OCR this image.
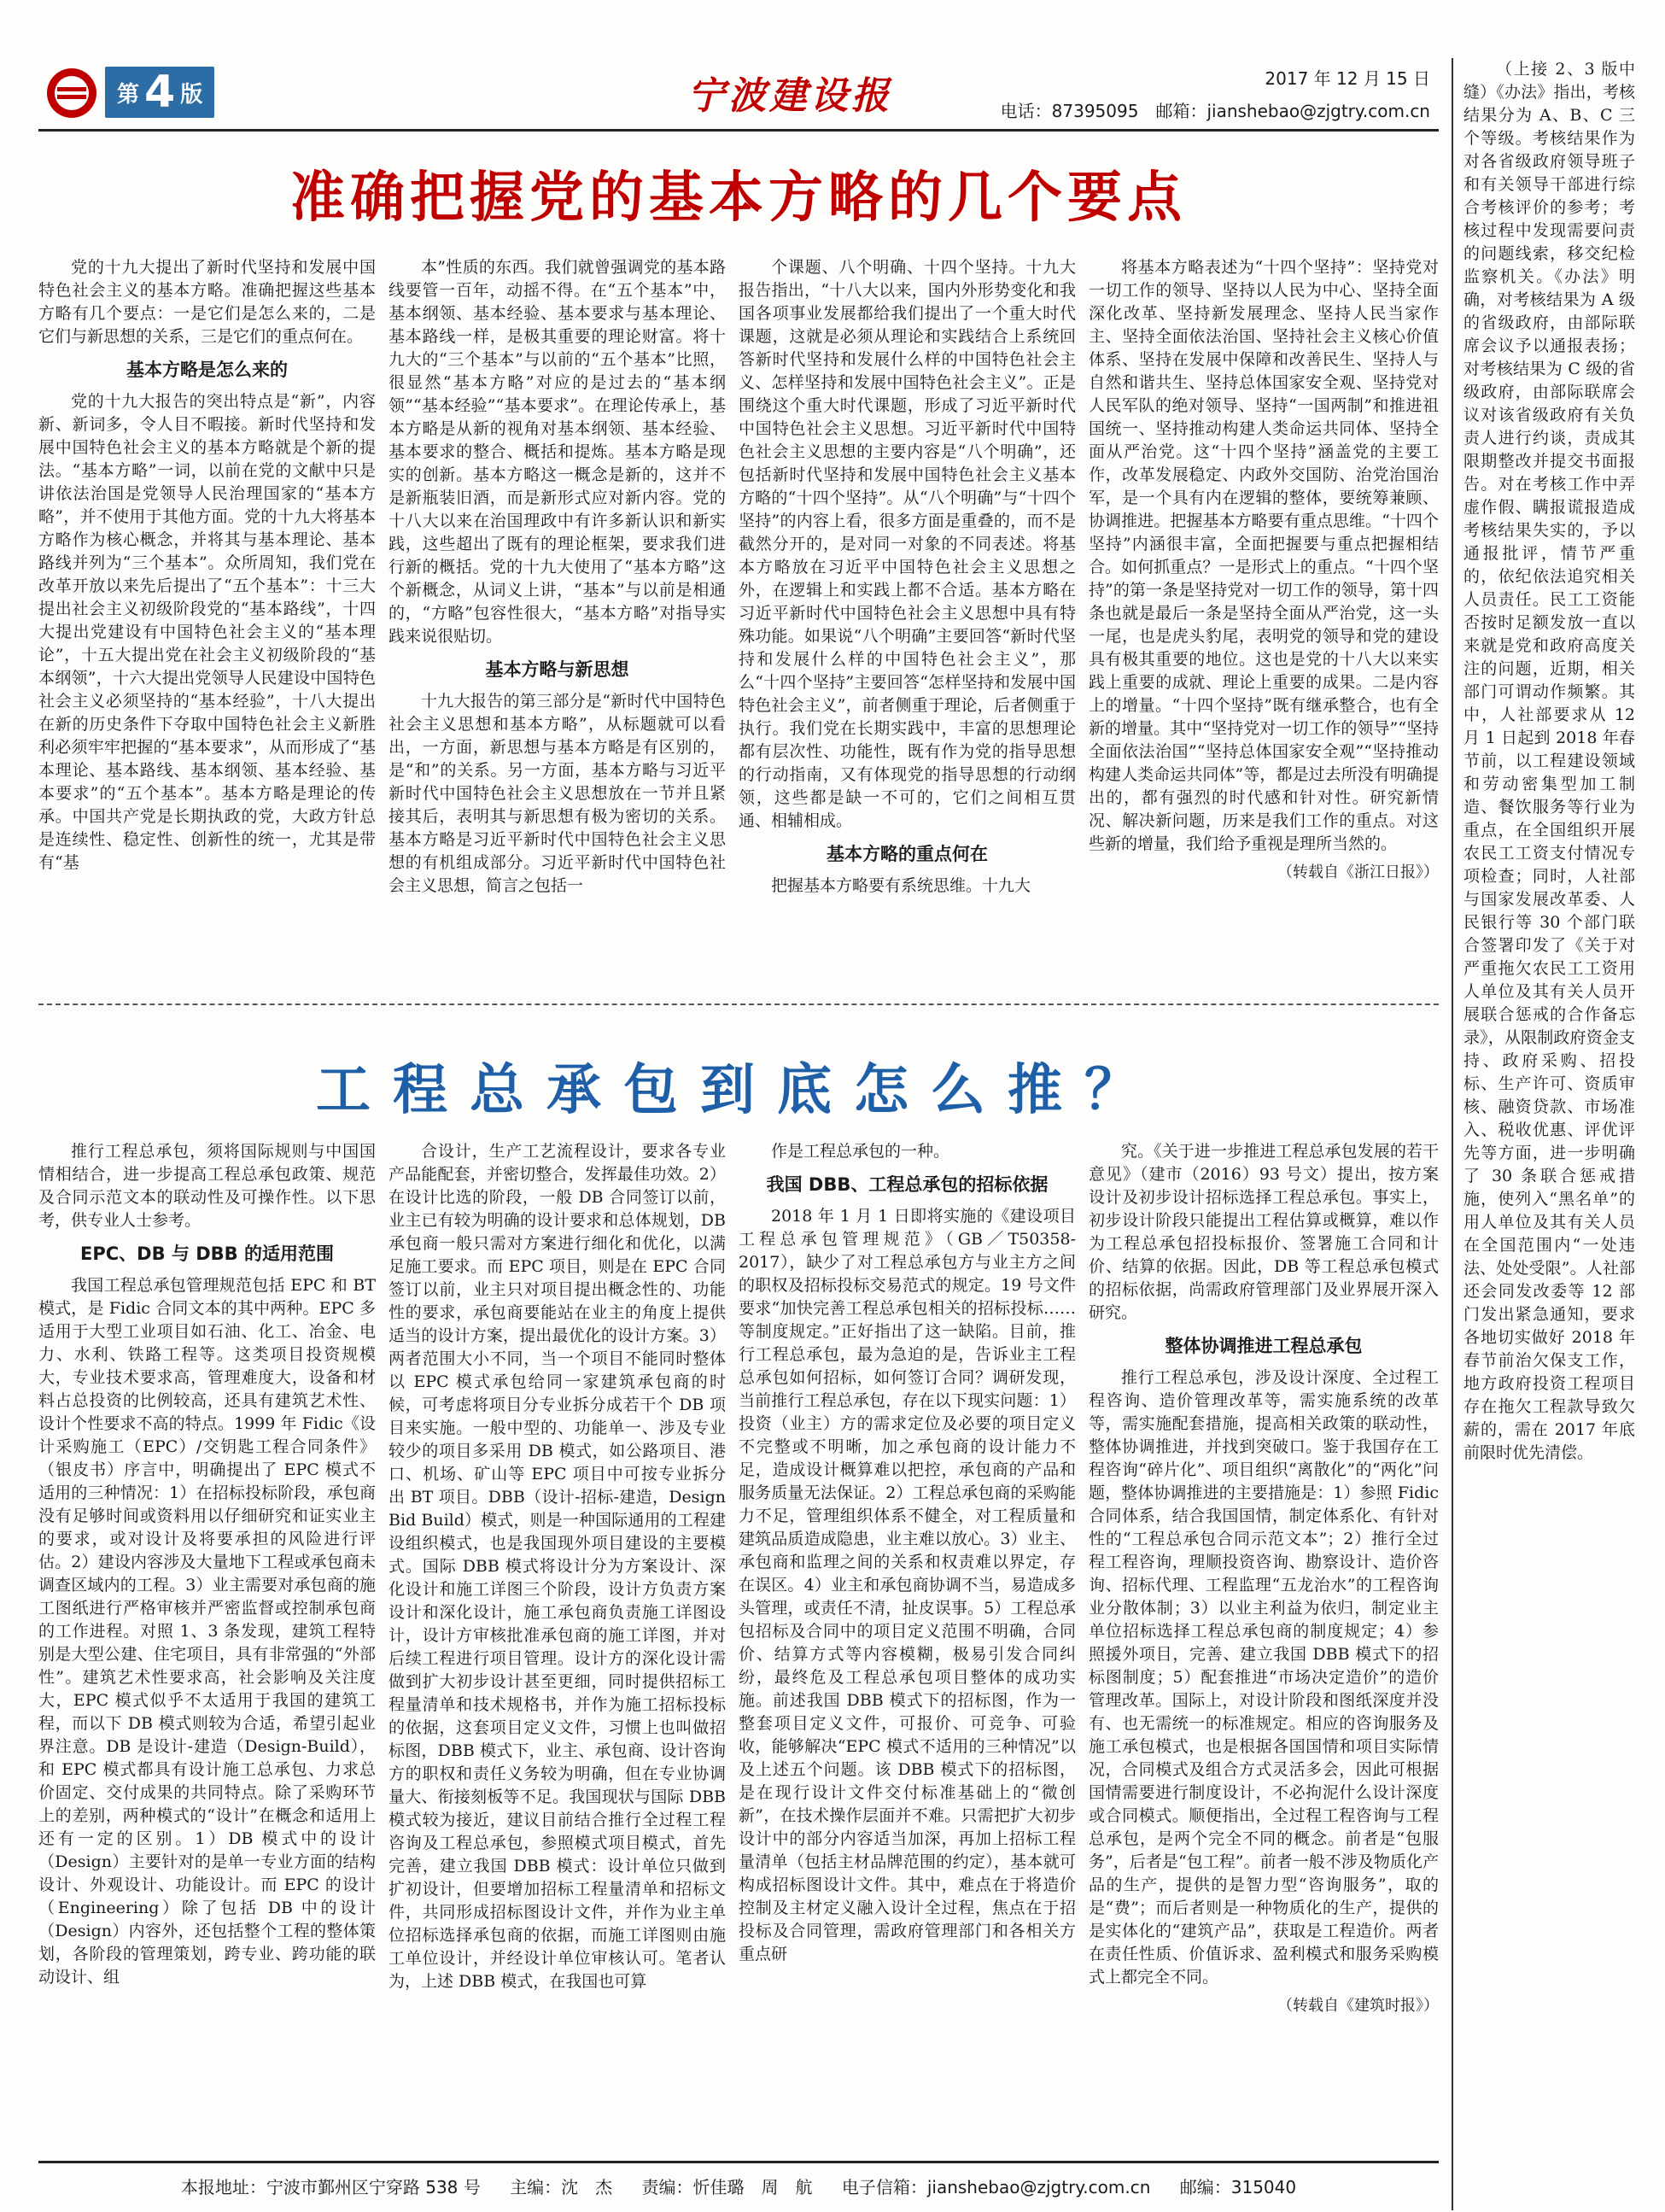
第 4 版	宁波建设报	2017 年 12 月 15 日
电话：87395095　邮箱：jianshebao@zjgtry.com.cn
准确把握党的基本方略的几个要点

党的十九大提出了新时代坚持和发展中国特色社会主义的基本方略。准确把握这些基本方略有几个要点：一是它们是怎么来的，二是它们与新思想的关系，三是它们的重点何在。

基本方略是怎么来的

党的十九大报告的突出特点是“新”，内容新、新词多，令人目不暇接。新时代坚持和发展中国特色社会主义的基本方略就是个新的提法。“基本方略”一词，以前在党的文献中只是讲依法治国是党领导人民治理国家的“基本方略”，并不使用于其他方面。党的十九大将基本方略作为核心概念，并将其与基本理论、基本路线并列为“三个基本”。众所周知，我们党在改革开放以来先后提出了“五个基本”：十三大提出社会主义初级阶段党的“基本路线”，十四大提出党建设有中国特色社会主义的“基本理论”，十五大提出党在社会主义初级阶段的“基本纲领”，十六大提出党领导人民建设中国特色社会主义必须坚持的“基本经验”，十八大提出在新的历史条件下夺取中国特色社会主义新胜利必须牢牢把握的“基本要求”，从而形成了“基本理论、基本路线、基本纲领、基本经验、基本要求”的“五个基本”。基本方略是理论的传承。中国共产党是长期执政的党，大政方针总是连续性、稳定性、创新性的统一，尤其是带有“基

本”性质的东西。我们就曾强调党的基本路线要管一百年，动摇不得。在“五个基本”中，基本纲领、基本经验、基本要求与基本理论、基本路线一样，是极其重要的理论财富。将十九大的“三个基本”与以前的“五个基本”比照，很显然“基本方略”对应的是过去的“基本纲领”“基本经验”“基本要求”。在理论传承上，基本方略是从新的视角对基本纲领、基本经验、基本要求的整合、概括和提炼。基本方略是现实的创新。基本方略这一概念是新的，这并不是新瓶装旧酒，而是新形式应对新内容。党的十八大以来在治国理政中有许多新认识和新实践，这些超出了既有的理论框架，要求我们进行新的概括。党的十九大使用了“基本方略”这个新概念，从词义上讲，“基本”与以前是相通的，“方略”包容性很大，“基本方略”对指导实践来说很贴切。

基本方略与新思想

十九大报告的第三部分是“新时代中国特色社会主义思想和基本方略”，从标题就可以看出，一方面，新思想与基本方略是有区别的，是“和”的关系。另一方面，基本方略与习近平新时代中国特色社会主义思想放在一节并且紧接其后，表明其与新思想有极为密切的关系。基本方略是习近平新时代中国特色社会主义思想的有机组成部分。习近平新时代中国特色社会主义思想，简言之包括一

个课题、八个明确、十四个坚持。十九大报告指出，“十八大以来，国内外形势变化和我国各项事业发展都给我们提出了一个重大时代课题，这就是必须从理论和实践结合上系统回答新时代坚持和发展什么样的中国特色社会主义、怎样坚持和发展中国特色社会主义”。正是围绕这个重大时代课题，形成了习近平新时代中国特色社会主义思想。习近平新时代中国特色社会主义思想的主要内容是“八个明确”，还包括新时代坚持和发展中国特色社会主义基本方略的“十四个坚持”。从“八个明确”与“十四个坚持”的内容上看，很多方面是重叠的，而不是截然分开的，是对同一对象的不同表述。将基本方略放在习近平中国特色社会主义思想之外，在逻辑上和实践上都不合适。基本方略在习近平新时代中国特色社会主义思想中具有特殊功能。如果说“八个明确”主要回答“新时代坚持和发展什么样的中国特色社会主义”，那么“十四个坚持”主要回答“怎样坚持和发展中国特色社会主义”，前者侧重于理论，后者侧重于执行。我们党在长期实践中，丰富的思想理论都有层次性、功能性，既有作为党的指导思想的行动指南，又有体现党的指导思想的行动纲领，这些都是缺一不可的，它们之间相互贯通、相辅相成。

基本方略的重点何在

把握基本方略要有系统思维。十九大

将基本方略表述为“十四个坚持”：坚持党对一切工作的领导、坚持以人民为中心、坚持全面深化改革、坚持新发展理念、坚持人民当家作主、坚持全面依法治国、坚持社会主义核心价值体系、坚持在发展中保障和改善民生、坚持人与自然和谐共生、坚持总体国家安全观、坚持党对人民军队的绝对领导、坚持“一国两制”和推进祖国统一、坚持推动构建人类命运共同体、坚持全面从严治党。这“十四个坚持”涵盖党的主要工作，改革发展稳定、内政外交国防、治党治国治军，是一个具有内在逻辑的整体，要统筹兼顾、协调推进。把握基本方略要有重点思维。“十四个坚持”内涵很丰富，全面把握要与重点把握相结合。如何抓重点？一是形式上的重点。“十四个坚持”的第一条是坚持党对一切工作的领导，第十四条也就是最后一条是坚持全面从严治党，这一头一尾，也是虎头豹尾，表明党的领导和党的建设具有极其重要的地位。这也是党的十八大以来实践上重要的成就、理论上重要的成果。二是内容上的增量。“十四个坚持”既有继承整合，也有全新的增量。其中“坚持党对一切工作的领导”“坚持全面依法治国”“坚持总体国家安全观”“坚持推动构建人类命运共同体”等，都是过去所没有明确提出的，都有强烈的时代感和针对性。研究新情况、解决新问题，历来是我们工作的重点。对这些新的增量，我们给予重视是理所当然的。

（转载自《浙江日报》）
工程总承包到底怎么推？

推行工程总承包，须将国际规则与中国国情相结合，进一步提高工程总承包政策、规范及合同示范文本的联动性及可操作性。以下思考，供专业人士参考。

EPC、DB 与 DBB 的适用范围

我国工程总承包管理规范包括 EPC 和 BT 模式，是 Fidic 合同文本的其中两种。EPC 多适用于大型工业项目如石油、化工、冶金、电力、水利、铁路工程等。这类项目投资规模大，专业技术要求高，管理难度大，设备和材料占总投资的比例较高，还具有建筑艺术性、设计个性要求不高的特点。1999 年 Fidic《设计采购施工（EPC）/交钥匙工程合同条件》（银皮书）序言中，明确提出了 EPC 模式不适用的三种情况：1）在招标投标阶段，承包商没有足够时间或资料用以仔细研究和证实业主的要求，或对设计及将要承担的风险进行评估。2）建设内容涉及大量地下工程或承包商未调查区域内的工程。3）业主需要对承包商的施工图纸进行严格审核并严密监督或控制承包商的工作进程。对照 1、3 条发现，建筑工程特别是大型公建、住宅项目，具有非常强的“外部性”。建筑艺术性要求高，社会影响及关注度大，EPC 模式似乎不太适用于我国的建筑工程，而以下 DB 模式则较为合适，希望引起业界注意。DB 是设计-建造（Design-Build），和 EPC 模式都具有设计施工总承包、力求总价固定、交付成果的共同特点。除了采购环节上的差别，两种模式的“设计”在概念和适用上还有一定的区别。1）DB 模式中的设计（Design）主要针对的是单一专业方面的结构设计、外观设计、功能设计。而 EPC 的设计（Engineering）除了包括 DB 中的设计（Design）内容外，还包括整个工程的整体策划，各阶段的管理策划，跨专业、跨功能的联动设计、组

合设计，生产工艺流程设计，要求各专业产品能配套，并密切整合，发挥最佳功效。2）在设计比选的阶段，一般 DB 合同签订以前，业主已有较为明确的设计要求和总体规划，DB 承包商一般只需对方案进行细化和优化，以满足施工要求。而 EPC 项目，则是在 EPC 合同签订以前，业主只对项目提出概念性的、功能性的要求，承包商要能站在业主的角度上提供适当的设计方案，提出最优化的设计方案。3）两者范围大小不同，当一个项目不能同时整体以 EPC 模式承包给同一家建筑承包商的时候，可考虑将项目分专业拆分成若干个 DB 项目来实施。一般中型的、功能单一、涉及专业较少的项目多采用 DB 模式，如公路项目、港口、机场、矿山等 EPC 项目中可按专业拆分出 BT 项目。DBB（设计-招标-建造，Design Bid Build）模式，则是一种国际通用的工程建设组织模式，也是我国现外项目建设的主要模式。国际 DBB 模式将设计分为方案设计、深化设计和施工详图三个阶段，设计方负责方案设计和深化设计，施工承包商负责施工详图设计，设计方审核批准承包商的施工详图，并对后续工程进行项目管理。设计方的深化设计需做到扩大初步设计甚至更细，同时提供招标工程量清单和技术规格书，并作为施工招标投标的依据，这套项目定义文件，习惯上也叫做招标图，DBB 模式下，业主、承包商、设计咨询方的职权和责任义务较为明确，但在专业协调量大、衔接刻板等不足。我国现状与国际 DBB 模式较为接近，建议目前结合推行全过程工程咨询及工程总承包，参照模式项目模式，首先完善，建立我国 DBB 模式：设计单位只做到扩初设计，但要增加招标工程量清单和招标文件，共同形成招标图设计文件，并作为业主单位招标选择承包商的依据，而施工详图则由施工单位设计，并经设计单位审核认可。笔者认为，上述 DBB 模式，在我国也可算

作是工程总承包的一种。

我国 DBB、工程总承包的招标依据

2018 年 1 月 1 日即将实施的《建设项目工程总承包管理规范》（GB／T50358-2017），缺少了对工程总承包方与业主方之间的职权及招标投标交易范式的规定。19 号文件要求“加快完善工程总承包相关的招标投标……等制度规定。”正好指出了这一缺陷。目前，推行工程总承包，最为急迫的是，告诉业主工程总承包如何招标，如何签订合同？调研发现，当前推行工程总承包，存在以下现实问题：1）投资（业主）方的需求定位及必要的项目定义不完整或不明晰，加之承包商的设计能力不足，造成设计概算难以把控，承包商的产品和服务质量无法保证。2）工程总承包商的采购能力不足，管理组织体系不健全，对工程质量和建筑品质造成隐患，业主难以放心。3）业主、承包商和监理之间的关系和权责难以界定，存在误区。4）业主和承包商协调不当，易造成多头管理，或责任不清，扯皮误事。5）工程总承包招标及合同中的项目定义范围不明确，合同价、结算方式等内容模糊，极易引发合同纠纷，最终危及工程总承包项目整体的成功实施。前述我国 DBB 模式下的招标图，作为一整套项目定义文件，可报价、可竞争、可验收，能够解决“EPC 模式不适用的三种情况”以及上述五个问题。该 DBB 模式下的招标图，是在现行设计文件交付标准基础上的“微创新”，在技术操作层面并不难。只需把扩大初步设计中的部分内容适当加深，再加上招标工程量清单（包括主材品牌范围的约定），基本就可构成招标图设计文件。其中，难点在于将造价控制及主材定义融入设计全过程，焦点在于招投标及合同管理，需政府管理部门和各相关方重点研

究。《关于进一步推进工程总承包发展的若干意见》（建市（2016）93 号文）提出，按方案设计及初步设计招标选择工程总承包。事实上，初步设计阶段只能提出工程估算或概算，难以作为工程总承包招投标报价、签署施工合同和计价、结算的依据。因此，DB 等工程总承包模式的招标依据，尚需政府管理部门及业界展开深入研究。

整体协调推进工程总承包

推行工程总承包，涉及设计深度、全过程工程咨询、造价管理改革等，需实施系统的改革等，需实施配套措施，提高相关政策的联动性，整体协调推进，并找到突破口。鉴于我国存在工程咨询“碎片化”、项目组织“离散化”的“两化”问题，整体协调推进的主要措施是：1）参照 Fidic 合同体系，结合我国国情，制定体系化、有针对性的“工程总承包合同示范文本”；2）推行全过程工程咨询，理顺投资咨询、勘察设计、造价咨询、招标代理、工程监理“五龙治水”的工程咨询业分散体制；3）以业主利益为依归，制定业主单位招标选择工程总承包商的制度规定；4）参照援外项目，完善、建立我国 DBB 模式下的招标图制度；5）配套推进“市场决定造价”的造价管理改革。国际上，对设计阶段和图纸深度并没有、也无需统一的标准规定。相应的咨询服务及施工承包模式，也是根据各国国情和项目实际情况，合同模式及组合方式灵活多会，因此可根据国情需要进行制度设计，不必拘泥什么设计深度或合同模式。顺便指出，全过程工程咨询与工程总承包，是两个完全不同的概念。前者是“包服务”，后者是“包工程”。前者一般不涉及物质化产品的生产，提供的是智力型“咨询服务”，取的是“费”；而后者则是一种物质化的生产，提供的是实体化的“建筑产品”，获取是工程造价。两者在责任性质、价值诉求、盈利模式和服务采购模式上都完全不同。

（转载自《建筑时报》）

（上接 2、3 版中缝）《办法》指出，考核结果分为 A、B、C 三个等级。考核结果作为对各省级政府领导班子和有关领导干部进行综合考核评价的参考；考核过程中发现需要问责的问题线索，移交纪检监察机关。《办法》明确，对考核结果为 A 级的省级政府，由部际联席会议予以通报表扬；对考核结果为 C 级的省级政府，由部际联席会议对该省级政府有关负责人进行约谈，责成其限期整改并提交书面报告。对在考核工作中弄虚作假、瞒报谎报造成考核结果失实的，予以通报批评，情节严重的，依纪依法追究相关人员责任。民工工资能否按时足额发放一直以来就是党和政府高度关注的问题，近期，相关部门可谓动作频繁。其中，人社部要求从 12 月 1 日起到 2018 年春节前，以工程建设领域和劳动密集型加工制造、餐饮服务等行业为重点，在全国组织开展农民工工资支付情况专项检查；同时，人社部与国家发展改革委、人民银行等 30 个部门联合签署印发了《关于对严重拖欠农民工工资用人单位及其有关人员开展联合惩戒的合作备忘录》，从限制政府资金支持、政府采购、招投标、生产许可、资质审核、融资贷款、市场准入、税收优惠、评优评先等方面，进一步明确了 30 条联合惩戒措施，使列入“黑名单”的用人单位及其有关人员在全国范围内“一处违法、处处受限”。人社部还会同发改委等 12 部门发出紧急通知，要求各地切实做好 2018 年春节前治欠保支工作，地方政府投资工程项目存在拖欠工程款导致欠薪的，需在 2017 年底前限时优先清偿。

本报地址：宁波市鄞州区宁穿路 538 号 主编：沈　杰 责编：忻佳璐　周　航 电子信箱：jianshebao@zjgtry.com.cn 邮编：315040
